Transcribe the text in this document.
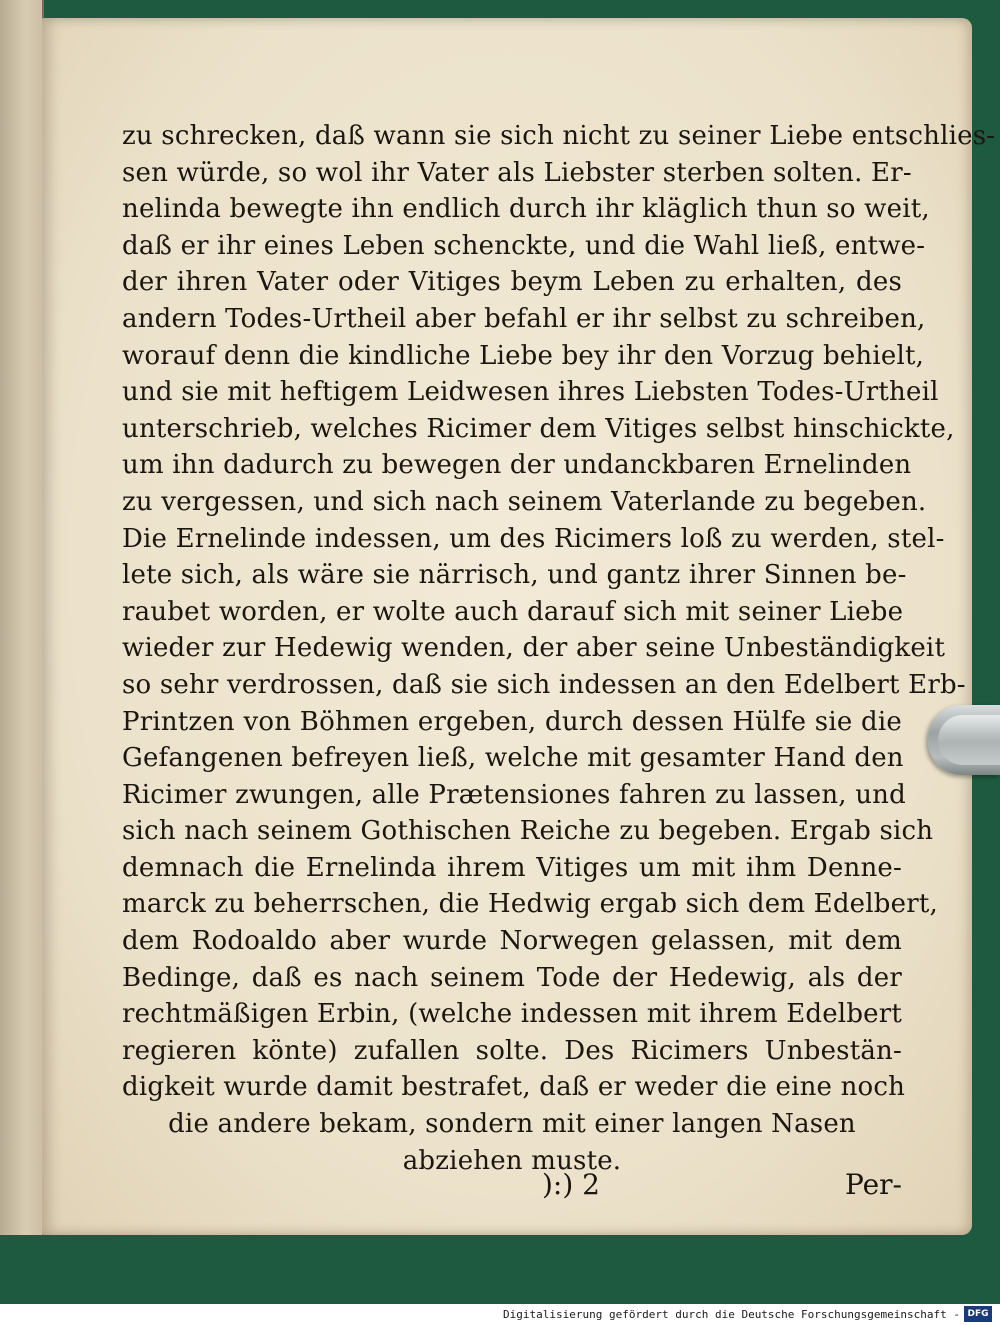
zu schrecken, daß wann sie sich nicht zu seiner Liebe entschlies-
sen würde, so wol ihr Vater als Liebster sterben solten. Er-
nelinda bewegte ihn endlich durch ihr kläglich thun so weit,
daß er ihr eines Leben schenckte, und die Wahl ließ, entwe-
der ihren Vater oder Vitiges beym Leben zu erhalten, des
andern Todes-Urtheil aber befahl er ihr selbst zu schreiben,
worauf denn die kindliche Liebe bey ihr den Vorzug behielt,
und sie mit heftigem Leidwesen ihres Liebsten Todes-Urtheil
unterschrieb, welches Ricimer dem Vitiges selbst hinschickte,
um ihn dadurch zu bewegen der undanckbaren Ernelinden
zu vergessen, und sich nach seinem Vaterlande zu begeben.
Die Ernelinde indessen, um des Ricimers loß zu werden, stel-
lete sich, als wäre sie närrisch, und gantz ihrer Sinnen be-
raubet worden, er wolte auch darauf sich mit seiner Liebe
wieder zur Hedewig wenden, der aber seine Unbeständigkeit
so sehr verdrossen, daß sie sich indessen an den Edelbert Erb-
Printzen von Böhmen ergeben, durch dessen Hülfe sie die
Gefangenen befreyen ließ, welche mit gesamter Hand den
Ricimer zwungen, alle Prætensiones fahren zu lassen, und
sich nach seinem Gothischen Reiche zu begeben. Ergab sich
demnach die Ernelinda ihrem Vitiges um mit ihm Denne-
marck zu beherrschen, die Hedwig ergab sich dem Edelbert,
dem Rodoaldo aber wurde Norwegen gelassen, mit dem
Bedinge, daß es nach seinem Tode der Hedewig, als der
rechtmäßigen Erbin, (welche indessen mit ihrem Edelbert
regieren könte) zufallen solte. Des Ricimers Unbestän-
digkeit wurde damit bestrafet, daß er weder die eine noch
die andere bekam, sondern mit einer langen Nasen
abziehen muste.
):) 2	Per-
Digitalisierung gefördert durch die Deutsche Forschungsgemeinschaft - DFG
